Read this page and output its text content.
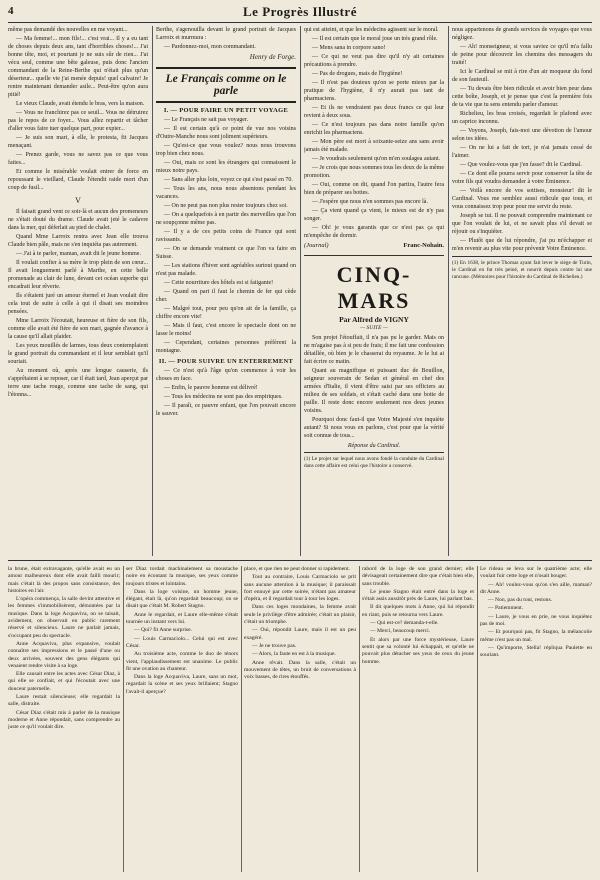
4	Le Progrès Illustré

même pas demandé des nouvelles en me voyant...

— Ma femme!... mon fils!... c'est vrai... Il y a eu tant de choses depuis deux ans, tant d'horribles choses!... J'ai bonne tête, moi, et pourtant je ne suis sûr de rien... J'ai vécu seul, comme une bête galeuse, puis donc l'ancien commandant de la Reine-Berthe qui n'était plus qu'un déserteur... quelle vie j'ai menée depuis! quel calvaire! Je rentre maintenant demander asile... Peut-être qu'on aura pitié!

Le vieux Claude, avait étendu le bras, vers la maison.

— Vous ne franchirez pas ce seuil... Vous ne détruirez pas le repos de ce foyer... Vous allez repartir et tâcher d'aller vous faire tuer quelque part, pour expier...

— Je suis son mari, à elle, le protesta, fit Jacques menaçant.

— Prenez garde, vous ne savez pas ce que vous faites...

Et comme le misérable voulait entrer de force en repoussant le vieillard, Claude l'étendit raide mort d'un coup de fusil...

V

Il faisait grand vent ce soir-là et aucun des promeneurs ne s'était douté du drame. Claude avait jeté le cadavre dans la mer, qui déferlait au pied de chalet.

Quand Mme Larroix rentra avec Jean elle trouva Claude bien pâle, mais ne s'en inquiéta pas autrement.

— J'ai à te parler, maman, avait dit le jeune homme.

Il voulait confier à sa mère le trop plein de son cœur... Il avait longuement parlé à Marthe, en cette belle promenade au clair de lune, devant cet océan superbe qui encadrait leur rêverie.

Ils s'étaient juré un amour éternel et Jean voulait dire cela tout de suite à celle à qui il disait ses moindres pensées.

Mme Larroix l'écoutait, heureuse et fière de son fils, comme elle avait été fière de son mari, gagnée d'avance à la cause qu'il allait plaider.

Les yeux mouillés de larmes, tous deux contemplaient le grand portrait du commandant et il leur semblait qu'il souriait.

Au moment où, après une longue causerie, ils s'apprêtaient à se reposer, car il était tard, Jean aperçut par terre une tache rouge, comme une tache de sang, qui l'étonna...

Berthe, s'agenouilla devant le grand portrait de Jacques Larroix et murmura :

— Pardonnez-moi, mon commandant.

Henry de Forge.
Le Français comme on le parle
I. — POUR FAIRE UN PETIT VOYAGE

— Le Français ne sait pas voyager.

— Il est certain qu'à ce point de vue nos voisins d'Outre-Manche nous sont joliment supérieurs.

— Qu'est-ce que vous voulez? nous nous trouvons trop bien chez nous.

— Oui, mais ce sont les étrangers qui connaissent le mieux notre pays.

— Sans aller plus loin, voyez ce qui s'est passé en 70.

— Tous les ans, nous nous absentons pendant les vacances.

— On ne peut pas non plus rester toujours chez soi.

— On a quelquefois à en partir des merveilles que l'on ne soupçonne même pas.

— Il y a de ces petits coins de France qui sont ravissants.

— On se demande vraiment ce que l'on va faire en Suisse.

— Les stations d'hiver sont agréables surtout quand on n'est pas malade.

— Cette nourriture des hôtels est si fatigante!

— Quand on part il faut le chemin de fer qui cède cher.

— Malgré tout, pour peu qu'on ait de la famille, ça chiffre encore vite!

— Mais il faut, c'est encore le spectacle dont on ne lasse le moins!

— Cependant, certaines personnes préfèrent la montagne.

II. — POUR SUIVRE UN ENTERREMENT

— Ce n'est qu'à l'âge qu'on commence à voir les choses en face.

— Enfin, le pauvre homme est délivré!

— Tous les médecins ne sont pas des empiriques.

— Il paraît, ce pauvre enfant, que l'on pouvait encore le sauver.

qui est atteint, et que les médecins agissent sur le moral.

— Il est certain que le moral joue un très grand rôle.

— Mens sana in corpore sano!

— Ce qui ne veut pas dire qu'il n'y ait certaines précautions à prendre.

— Pas de drogues, mais de l'hygiène!

— Il n'est pas douteux qu'on se porte mieux par la pratique de l'hygiène, il n'y aurait pas tant de pharmaciens.

— Et ils ne vendraient pas deux francs ce qui leur revient à deux sous.

— Ce n'est toujours pas dans notre famille qu'on enrichit les pharmaciens.

— Mon père est mort à soixante-seize ans sans avoir jamais été malade.

— Je voudrais seulement qu'on m'en soulagea autant.

— Je crois que nous sommes tous les deux de la même promotion.

— Oui, comme on dit, quand l'on partira, l'autre fera bien de préparer ses bottes.

— J'espère que nous n'en sommes pas encore là.

— Ça vient quand ça vient, le mieux est de n'y pas songer.

— Oh! je vous garantis que ce n'est pas ça qui m'empêche de dormir.

(Journal)	Franc-Nohain.
CINQ-MARS
Par Alfred de VIGNY
— SUITE —

Son projet l'étouffait, il n'a pas pu le garder. Mais on ne m'agaise pas à si peu de frais; il me fait une confession détaillée, où bien je le chasserai du royaume. Je le lui ai fait écrire ce matin.

Quant au magnifique et puissant duc de Bouillon, seigneur souverain de Sedan et général en chef des armées d'Italie, il vient d'être saisi par ses officiers au milieu de ses soldats, et s'était caché dans une botte de paille. Il reste donc encore seulement nos deux jeunes voisins.

Pourquoi donc faut-il que Votre Majesté s'en inquiète autant? Si nous vous en parlons, c'est pour que la vérité soit connue de tous...

Réponse du Cardinal.
(1) Le projet sur lequel nous avons fondé la conduite du Cardinal dans cette affaire est celui que l'histoire a conservé.

nous appartenons de grands services de voyages que vous négligez.

— Ah! monseigneur, si vous saviez ce qu'il m'a fallu de peine pour découvrir les chemins des messagers du traité!

Ici le Cardinal se mit à rire d'un air moqueur du fond de son fauteuil.

— Tu devais être bien ridicule et avoir bien peur dans cette boîte, Joseph, et je pense que c'est la première fois de ta vie que tu sens entendu parler d'amour.

Richelieu, les bras croisés, regardait le plafond avec un caprice inconnu.

— Voyons, Joseph, fais-moi une dévotion de l'amour selon tes idées.

— On ne lui a fait de tort, je n'ai jamais cessé de l'aimer.

— Que voulez-vous que j'en fasse? dit le Cardinal.

— Ce dont elle pourra servir pour conserver la tête de votre fils qui voudra demander à votre Éminence.

— Voilà encore de vos sottises, monsieur! dit le Cardinal. Vous me semblez aussi ridicule que tous, et vous connaissez trop peur pour me servir du reste.

Joseph se tut. Il ne pouvait comprendre maintenant ce que l'on voulait de lui, et ne savait plus s'il devait se réjouir ou s'inquiéter.

— Plutôt que de lui répondre, j'ai pu m'échapper et m'en revenir au plus vite pour prévenir Votre Éminence.

(1) En 1638, le prince Thomas ayant fait lever le siège de Turin, le Cardinal en fut très peiné, et nourrit depuis contre lui une rancune. (Mémoires pour l'histoire du Cardinal de Richelieu.)

la brune, était extravagante, qu'elle avait eu un amour malheureux dont elle avait failli mourir; mais c'était là des propos sans consistance, des histoires en l'air.

L'opéra commença, la salle devint attentive et les femmes s'immobilisèrent, démontées par la musique. Dans la loge Acquaviva, on se taisait, avidement, on observait en public rarement réservé et silencieux. Laure ne parlait jamais, s'occupant peu du spectacle.

Anne Acquaviva, plus expansive, voulait connaître ses impressions et le passé d'une ou deux arrivées, souvent des gens élégants qui venaient rendre visite à sa loge.

Elle causait entre les actes avec César Diaz, à qui elle se confiait, et qui l'écoutait avec une douceur paternelle.

Laure restait silencieuse; elle regardait la salle, distraite.

César Diaz s'était mis à parler de la musique moderne et Anne répondait, sans comprendre au juste ce qu'il voulait dire.

ser Diaz tordait machinalement sa moustache noire en écoutant la musique, ses yeux comme toujours tristes et lointains.

Dans la loge voisine, un homme jeune, élégant, était là, qu'on regardait beaucoup; on se disait que c'était M. Robert Stagno.

Anne le regardait, et Laure elle-même s'était tournée un instant vers lui.

— Qui? fit Anne surprise.

— Louis Carmaciolo... Celui qui est avec César.

Au troisième acte, comme le duo de ténors vient, l'applaudissement est unanime. Le public fit une ovation au chanteur.

Dans la loge Acquaviva, Laure, sans un mot, regardait la scène et ses yeux brillaient; Stagno l'avait-il aperçue?

place, et que rien ne peut donner si rapidement.

Tout au contraire, Louis Carmaciolo se prit sans aucune attention à la musique; il paraissait fort ennuyé par cette soirée, n'étant pas amateur d'opéra, et il regardait tour à tour les loges.

Dans ces loges mondaines, la femme avait seule le privilège d'être admirée; c'était un plaisir, c'était un triomphe.

— Oui, répondit Laure, mais il est un peu exagéré.

— Je ne trouve pas.

— Alors, la faute en est à la musique.

Anne rêvait. Dans la salle, c'était un mouvement de têtes, un bruit de conversations à voix basses, de rires étouffés.

rabord de la loge de son grand dernier; elle dévisageait certainement dire que c'était bien elle, sans trouble.

Le jeune Stagno était entré dans la loge et s'était assis aussitôt près de Laure, lui parlant bas.

Il dit quelques mots à Anne, qui lui répondit en riant, puis se retourna vers Laure.

— Qui est-ce? demanda-t-elle.

— Merci, beaucoup merci.

Et alors par une force mystérieuse, Laure sentit que sa volonté lui échappait, et qu'elle ne pouvait plus détacher ses yeux de ceux du jeune homme.

Le rideau se leva sur le quatrième acte; elle voulait fuir cette loge et n'osait bouger.

— Ah! voulez-vous qu'on s'en aille, maman? dit Anne.

— Non, pas du tout, restons.

— Patiemment.

— Laure, je vous en prie, ne vous inquiétez pas de moi.

— Et pourquoi pas, fit Stagno, la mélancolie même n'est pas un mal.

— Qu'importe, Stella! répliqua Paulette en souriant.
